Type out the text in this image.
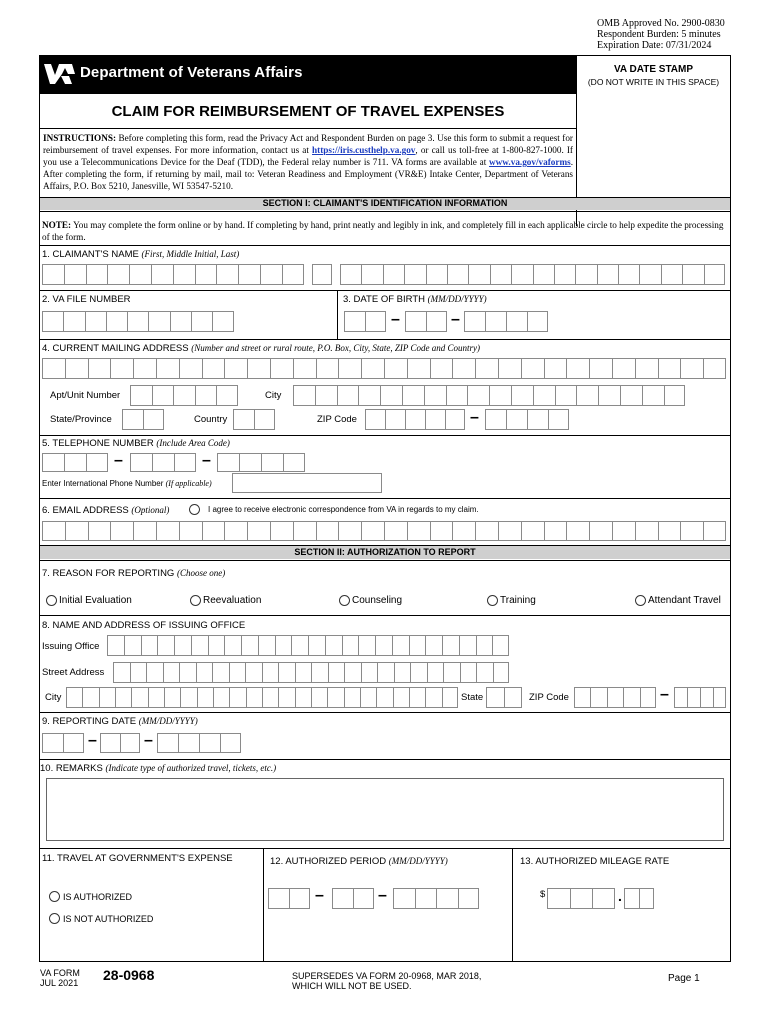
OMB Approved No. 2900-0830
Respondent Burden: 5 minutes
Expiration Date: 07/31/2024
Department of Veterans Affairs	VA DATE STAMP
(DO NOT WRITE IN THIS SPACE)
CLAIM FOR REIMBURSEMENT OF TRAVEL EXPENSES
INSTRUCTIONS: Before completing this form, read the Privacy Act and Respondent Burden on page 3. Use this form to submit a request for reimbursement of travel expenses. For more information, contact us at https://iris.custhelp.va.gov, or call us toll-free at 1-800-827-1000. If you use a Telecommunications Device for the Deaf (TDD), the Federal relay number is 711. VA forms are available at www.va.gov/vaforms. After completing the form, if returning by mail, mail to: Veteran Readiness and Employment (VR&E) Intake Center, Department of Veterans Affairs, P.O. Box 5210, Janesville, WI 53547-5210.
SECTION I: CLAIMANT'S IDENTIFICATION INFORMATION
NOTE: You may complete the form online or by hand. If completing by hand, print neatly and legibly in ink, and completely fill in each applicable circle to help expedite the processing of the form.
1. CLAIMANT'S NAME (First, Middle Initial, Last)
2. VA FILE NUMBER	3. DATE OF BIRTH (MM/DD/YYYY)
–	–
4. CURRENT MAILING ADDRESS (Number and street or rural route, P.O. Box, City, State, ZIP Code and Country)
Apt/Unit Number	City
State/Province	Country	ZIP Code	–
5. TELEPHONE NUMBER (Include Area Code)
–	–
Enter International Phone Number (If applicable)
6. EMAIL ADDRESS (Optional)	I agree to receive electronic correspondence from VA in regards to my claim.
SECTION II: AUTHORIZATION TO REPORT
7. REASON FOR REPORTING (Choose one)
Initial Evaluation	Reevaluation	Counseling	Training	Attendant Travel
8. NAME AND ADDRESS OF ISSUING OFFICE
Issuing Office
Street Address
City	State	ZIP Code	–
9. REPORTING DATE (MM/DD/YYYY)
–	–
10. REMARKS (Indicate type of authorized travel, tickets, etc.)
11. TRAVEL AT GOVERNMENT'S EXPENSE
IS AUTHORIZED
IS NOT AUTHORIZED
12. AUTHORIZED PERIOD (MM/DD/YYYY)
–	–
13. AUTHORIZED MILEAGE RATE
$	.
VA FORM
JUL 2021 28-0968	SUPERSEDES VA FORM 20-0968, MAR 2018,
WHICH WILL NOT BE USED.
Page 1
